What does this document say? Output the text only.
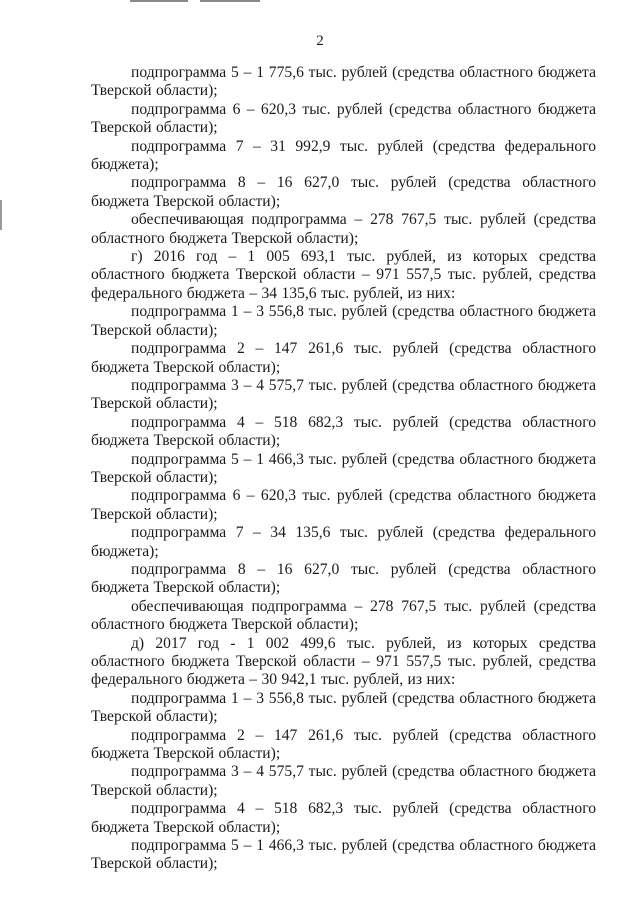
2

подпрограмма 5 – 1 775,6 тыс. рублей (средства областного бюджета Тверской области);

подпрограмма 6 – 620,3 тыс. рублей (средства областного бюджета Тверской области);

подпрограмма 7 – 31 992,9 тыс. рублей (средства федерального бюджета);

подпрограмма 8 – 16 627,0 тыс. рублей (средства областного бюджета Тверской области);

обеспечивающая подпрограмма – 278 767,5 тыс. рублей (средства областного бюджета Тверской области);

г) 2016 год – 1 005 693,1 тыс. рублей, из которых средства областного бюджета Тверской области – 971 557,5 тыс. рублей, средства федерального бюджета – 34 135,6 тыс. рублей, из них:

подпрограмма 1 – 3 556,8 тыс. рублей (средства областного бюджета Тверской области);

подпрограмма 2 – 147 261,6 тыс. рублей (средства областного бюджета Тверской области);

подпрограмма 3 – 4 575,7 тыс. рублей (средства областного бюджета Тверской области);

подпрограмма 4 – 518 682,3 тыс. рублей (средства областного бюджета Тверской области);

подпрограмма 5 – 1 466,3 тыс. рублей (средства областного бюджета Тверской области);

подпрограмма 6 – 620,3 тыс. рублей (средства областного бюджета Тверской области);

подпрограмма 7 – 34 135,6 тыс. рублей (средства федерального бюджета);

подпрограмма 8 – 16 627,0 тыс. рублей (средства областного бюджета Тверской области);

обеспечивающая подпрограмма – 278 767,5 тыс. рублей (средства областного бюджета Тверской области);

д) 2017 год - 1 002 499,6 тыс. рублей, из которых средства областного бюджета Тверской области – 971 557,5 тыс. рублей, средства федерального бюджета – 30 942,1 тыс. рублей, из них:

подпрограмма 1 – 3 556,8 тыс. рублей (средства областного бюджета Тверской области);

подпрограмма 2 – 147 261,6 тыс. рублей (средства областного бюджета Тверской области);

подпрограмма 3 – 4 575,7 тыс. рублей (средства областного бюджета Тверской области);

подпрограмма 4 – 518 682,3 тыс. рублей (средства областного бюджета Тверской области);

подпрограмма 5 – 1 466,3 тыс. рублей (средства областного бюджета Тверской области);
